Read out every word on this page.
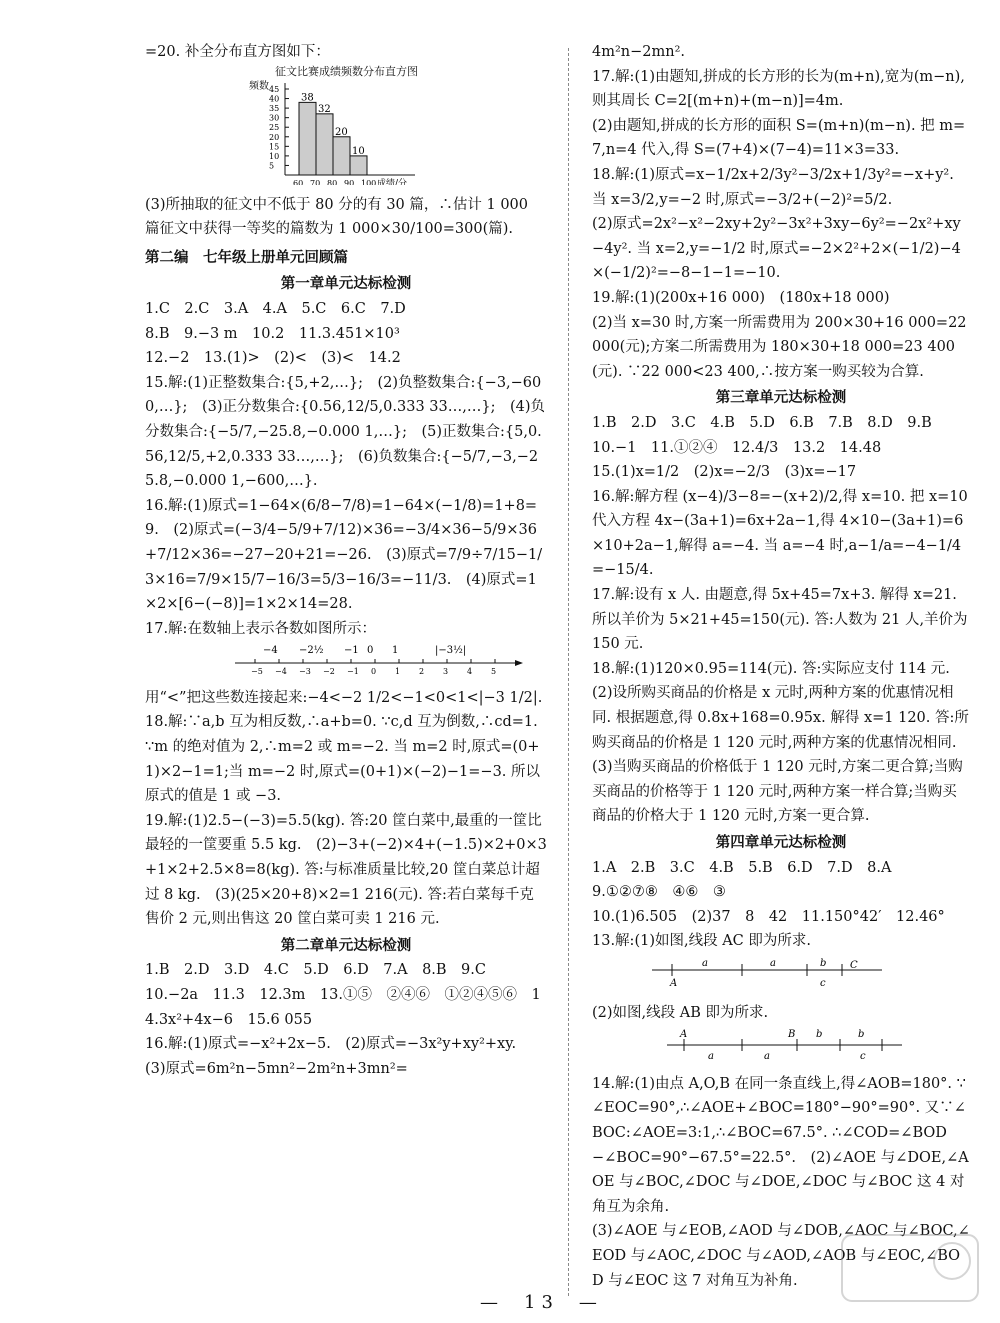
=20. 补全分布直方图如下：

征文比赛成绩频数分布直方图
频数
5
10
15
20
25
30
35
40
45
38
32
20
10
60 70 80 90 100 成绩/分

(3)所抽取的征文中不低于 80 分的有 30 篇，∴估计 1 000 篇征文中获得一等奖的篇数为 1 000×30/100=300(篇).

第二编　七年级上册单元回顾篇

第一章单元达标检测

1.C　2.C　3.A　4.A　5.C　6.C　7.D

8.B　9.−3 m　10.2　11.3.451×10³

12.−2　13.(1)>　(2)<　(3)<　14.2

15.解:(1)正整数集合:{5,+2,…};　(2)负整数集合:{−3,−600,…};　(3)正分数集合:{0.56,12/5,0.333 33…,…};　(4)负分数集合:{−5/7,−25.8,−0.000 1,…};　(5)正数集合:{5,0.56,12/5,+2,0.333 33…,…};　(6)负数集合:{−5/7,−3,−25.8,−0.000 1,−600,…}.

16.解:(1)原式=1−64×(6/8−7/8)=1−64×(−1/8)=1+8=9.　(2)原式=(−3/4−5/9+7/12)×36=−3/4×36−5/9×36+7/12×36=−27−20+21=−26.　(3)原式=7/9÷7/15−1/3×16=7/9×15/7−16/3=5/3−16/3=−11/3.　(4)原式=1×2×[6−(−8)]=1×2×14=28.

17.解:在数轴上表示各数如图所示：

−5 −4 −3 −2 −1 0 1 2 3 4 5
−4 −2½ −1 0 1	|−3½|

用“<”把这些数连接起来:−4<−2 1/2<−1<0<1<|−3 1/2|.

18.解:∵a,b 互为相反数,∴a+b=0. ∵c,d 互为倒数,∴cd=1. ∵m 的绝对值为 2,∴m=2 或 m=−2. 当 m=2 时,原式=(0+1)×2−1=1;当 m=−2 时,原式=(0+1)×(−2)−1=−3. 所以原式的值是 1 或 −3.

19.解:(1)2.5−(−3)=5.5(kg). 答:20 筐白菜中,最重的一筐比最轻的一筐要重 5.5 kg.　(2)−3+(−2)×4+(−1.5)×2+0×3+1×2+2.5×8=8(kg). 答:与标准质量比较,20 筐白菜总计超过 8 kg.　(3)(25×20+8)×2=1 216(元). 答:若白菜每千克售价 2 元,则出售这 20 筐白菜可卖 1 216 元.

第二章单元达标检测

1.B　2.D　3.D　4.C　5.D　6.D　7.A　8.B　9.C

10.−2a　11.3　12.3m　13.①⑤　②④⑥　①②④⑤⑥　14.3x²+4x−6　15.6 055

16.解:(1)原式=−x²+2x−5.　(2)原式=−3x²y+xy²+xy.　(3)原式=6m²n−5mn²−2m²n+3mn²=

4m²n−2mn².

17.解:(1)由题知,拼成的长方形的长为(m+n),宽为(m−n),则其周长 C=2[(m+n)+(m−n)]=4m.

(2)由题知,拼成的长方形的面积 S=(m+n)(m−n). 把 m=7,n=4 代入,得 S=(7+4)×(7−4)=11×3=33.

18.解:(1)原式=x−1/2x+2/3y²−3/2x+1/3y²=−x+y². 当 x=3/2,y=−2 时,原式=−3/2+(−2)²=5/2.

(2)原式=2x²−x²−2xy+2y²−3x²+3xy−6y²=−2x²+xy−4y². 当 x=2,y=−1/2 时,原式=−2×2²+2×(−1/2)−4×(−1/2)²=−8−1−1=−10.

19.解:(1)(200x+16 000)　(180x+18 000)

(2)当 x=30 时,方案一所需费用为 200×30+16 000=22 000(元);方案二所需费用为 180×30+18 000=23 400(元). ∵22 000<23 400,∴按方案一购买较为合算.

第三章单元达标检测

1.B　2.D　3.C　4.B　5.D　6.B　7.B　8.D　9.B

10.−1　11.①②④　12.4/3　13.2　14.48

15.(1)x=1/2　(2)x=−2/3　(3)x=−17

16.解:解方程 (x−4)/3−8=−(x+2)/2,得 x=10. 把 x=10 代入方程 4x−(3a+1)=6x+2a−1,得 4×10−(3a+1)=6×10+2a−1,解得 a=−4. 当 a=−4 时,a−1/a=−4−1/4=−15/4.

17.解:设有 x 人. 由题意,得 5x+45=7x+3. 解得 x=21. 所以羊价为 5×21+45=150(元). 答:人数为 21 人,羊价为 150 元.

18.解:(1)120×0.95=114(元). 答:实际应支付 114 元.　(2)设所购买商品的价格是 x 元时,两种方案的优惠情况相同. 根据题意,得 0.8x+168=0.95x. 解得 x=1 120. 答:所购买商品的价格是 1 120 元时,两种方案的优惠情况相同.　(3)当购买商品的价格低于 1 120 元时,方案二更合算;当购买商品的价格等于 1 120 元时,两种方案一样合算;当购买商品的价格大于 1 120 元时,方案一更合算.

第四章单元达标检测

1.A　2.B　3.C　4.B　5.B　6.D　7.D　8.A

9.①②⑦⑧　④⑥　③

10.(1)6.505　(2)37　8　42　11.150°42′　12.46°

13.解:(1)如图,线段 AC 即为所求.

a	a	b
A	c
C

(2)如图,线段 AB 即为所求.

A
a	a
B b	b
c

14.解:(1)由点 A,O,B 在同一条直线上,得∠AOB=180°. ∵∠EOC=90°,∴∠AOE+∠BOC=180°−90°=90°. 又∵∠BOC:∠AOE=3:1,∴∠BOC=67.5°. ∴∠COD=∠BOD−∠BOC=90°−67.5°=22.5°.　(2)∠AOE 与∠DOE,∠AOE 与∠BOC,∠DOC 与∠DOE,∠DOC 与∠BOC 这 4 对角互为余角.

(3)∠AOE 与∠EOB,∠AOD 与∠DOB,∠AOC 与∠BOC,∠EOD 与∠AOC,∠DOC 与∠AOD,∠AOB 与∠EOC,∠BOD 与∠EOC 这 7 对角互为补角.

— 13 —
